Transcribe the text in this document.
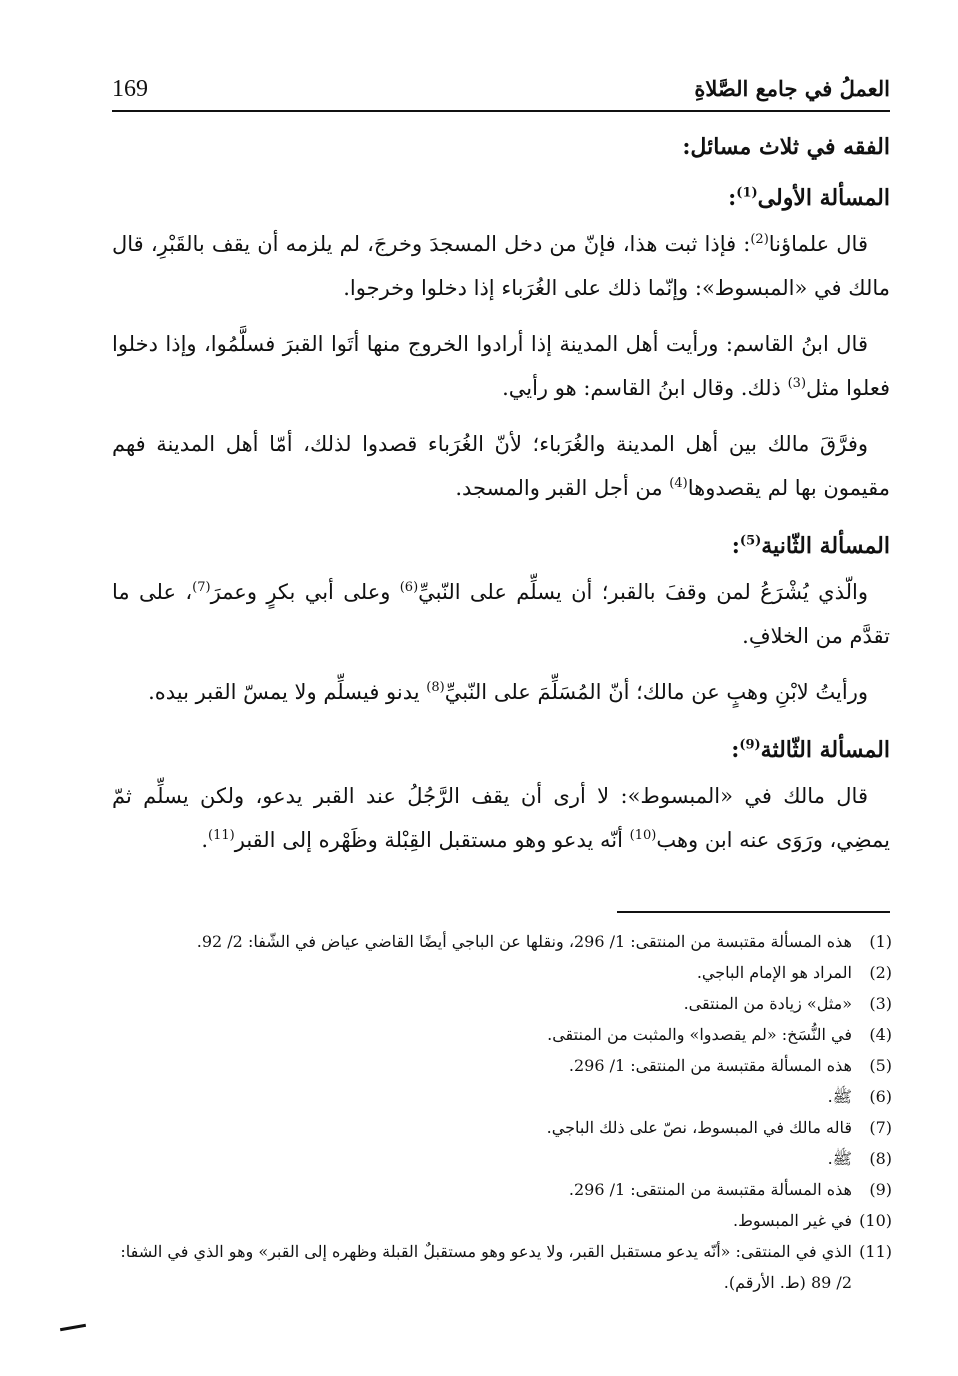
العملُ في جامع الصَّلاةِ
169
الفقه في ثلاث مسائل:
المسألة الأولى$^{(1)}$:

قال علماؤنا$^{(2)}$: فإذا ثبت هذا، فإنّ من دخل المسجدَ وخرجَ، لم يلزمه أن يقف بالقَبْرِ، قال مالك في «المبسوط»: وإنّما ذلك على الغُرَباء إذا دخلوا وخرجوا.

قال ابنُ القاسم: ورأيت أهل المدينة إذا أرادوا الخروج منها أتَوا القبرَ فسلَّمُوا، وإذا دخلوا فعلوا مثل$^{(3)}$ ذلك. وقال ابنُ القاسم: هو رأيي.

وفرَّقَ مالك بين أهل المدينة والغُرَباء؛ لأنّ الغُرَباء قصدوا لذلك، أمّا أهل المدينة فهم مقيمون بها لم يقصدوها$^{(4)}$ من أجل القبر والمسجد.

المسألة الثّانية$^{(5)}$:

والّذي يُشْرَعُ لمن وقفَ بالقبر؛ أن يسلِّم على النّبيِّ$^{(6)}$ وعلى أبي بكرٍ وعمرَ$^{(7)}$، على ما تقدَّم من الخلافِ.

ورأيتُ لابْنِ وهبٍ عن مالك؛ أنّ المُسَلِّمَ على النّبيِّ$^{(8)}$ يدنو فيسلِّم ولا يمسّ القبر بيده.

المسألة الثّالثة$^{(9)}$:

قال مالك في «المبسوط»: لا أرى أن يقف الرَّجُلُ عند القبر يدعو، ولكن يسلِّم ثمّ يمضِي، ورَوَى عنه ابن وهب$^{(10)}$ أنّه يدعو وهو مستقبل القِبْلة وظَهْره إلى القبر$^{(11)}$.

(1)
هذه المسألة مقتبسة من المنتقى: 1/ 296، ونقلها عن الباجي أيضًا القاضي عياض في الشّفا: 2/ 92.
(2)
المراد هو الإمام الباجي.
(3)
«مثل» زيادة من المنتقى.
(4)
في النُّسَخ: «لم يقصدوا» والمثبت من المنتقى.
(5)
هذه المسألة مقتبسة من المنتقى: 1/ 296.
(6)
ﷺ.
(7)
قاله مالك في المبسوط، نصّ على ذلك الباجي.
(8)
ﷺ.
(9)
هذه المسألة مقتبسة من المنتقى: 1/ 296.
(10)
في غير المبسوط.
(11)
الذي في المنتقى: «أنّه يدعو مستقبل القبر، ولا يدعو وهو مستقبلٌ القبلة وظهره إلى القبر» وهو الذي في الشفا: 2/ 89 (ط. الأرقم).
